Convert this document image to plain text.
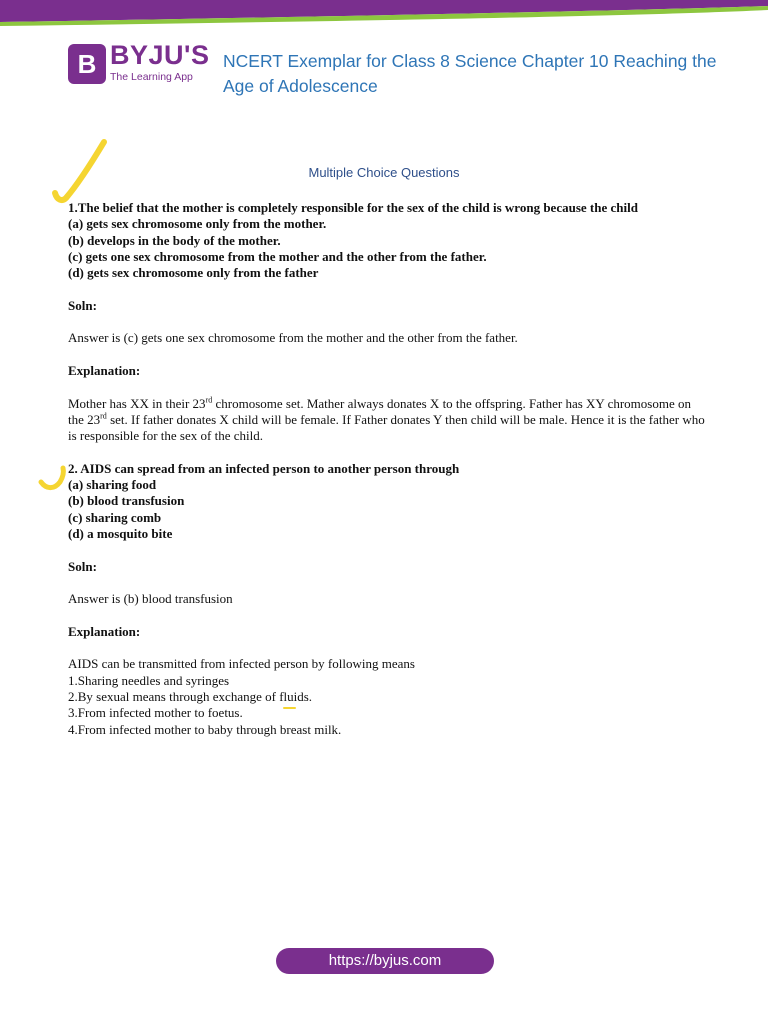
B BYJU'S
The Learning App
NCERT Exemplar for Class 8 Science Chapter 10 Reaching the Age of Adolescence
Multiple Choice Questions

1.The belief that the mother is completely responsible for the sex of the child is wrong because the child

(a) gets sex chromosome only from the mother.

(b) develops in the body of the mother.

(c) gets one sex chromosome from the mother and the other from the father.

(d) gets sex chromosome only from the father

Soln:

Answer is (c) gets one sex chromosome from the mother and the other from the father.

Explanation:

Mother has XX in their 23rd chromosome set. Mather always donates X to the offspring. Father has XY chromosome on the 23rd set. If father donates X child will be female. If Father donates Y then child will be male. Hence it is the father who is responsible for the sex of the child.

2. AIDS can spread from an infected person to another person through

(a) sharing food

(b) blood transfusion

(c) sharing comb

(d) a mosquito bite

Soln:

Answer is (b) blood transfusion

Explanation:

AIDS can be transmitted from infected person by following means

1.Sharing needles and syringes

2.By sexual means through exchange of fluids.

3.From infected mother to foetus.

4.From infected mother to baby through breast milk.

https://byjus.com
